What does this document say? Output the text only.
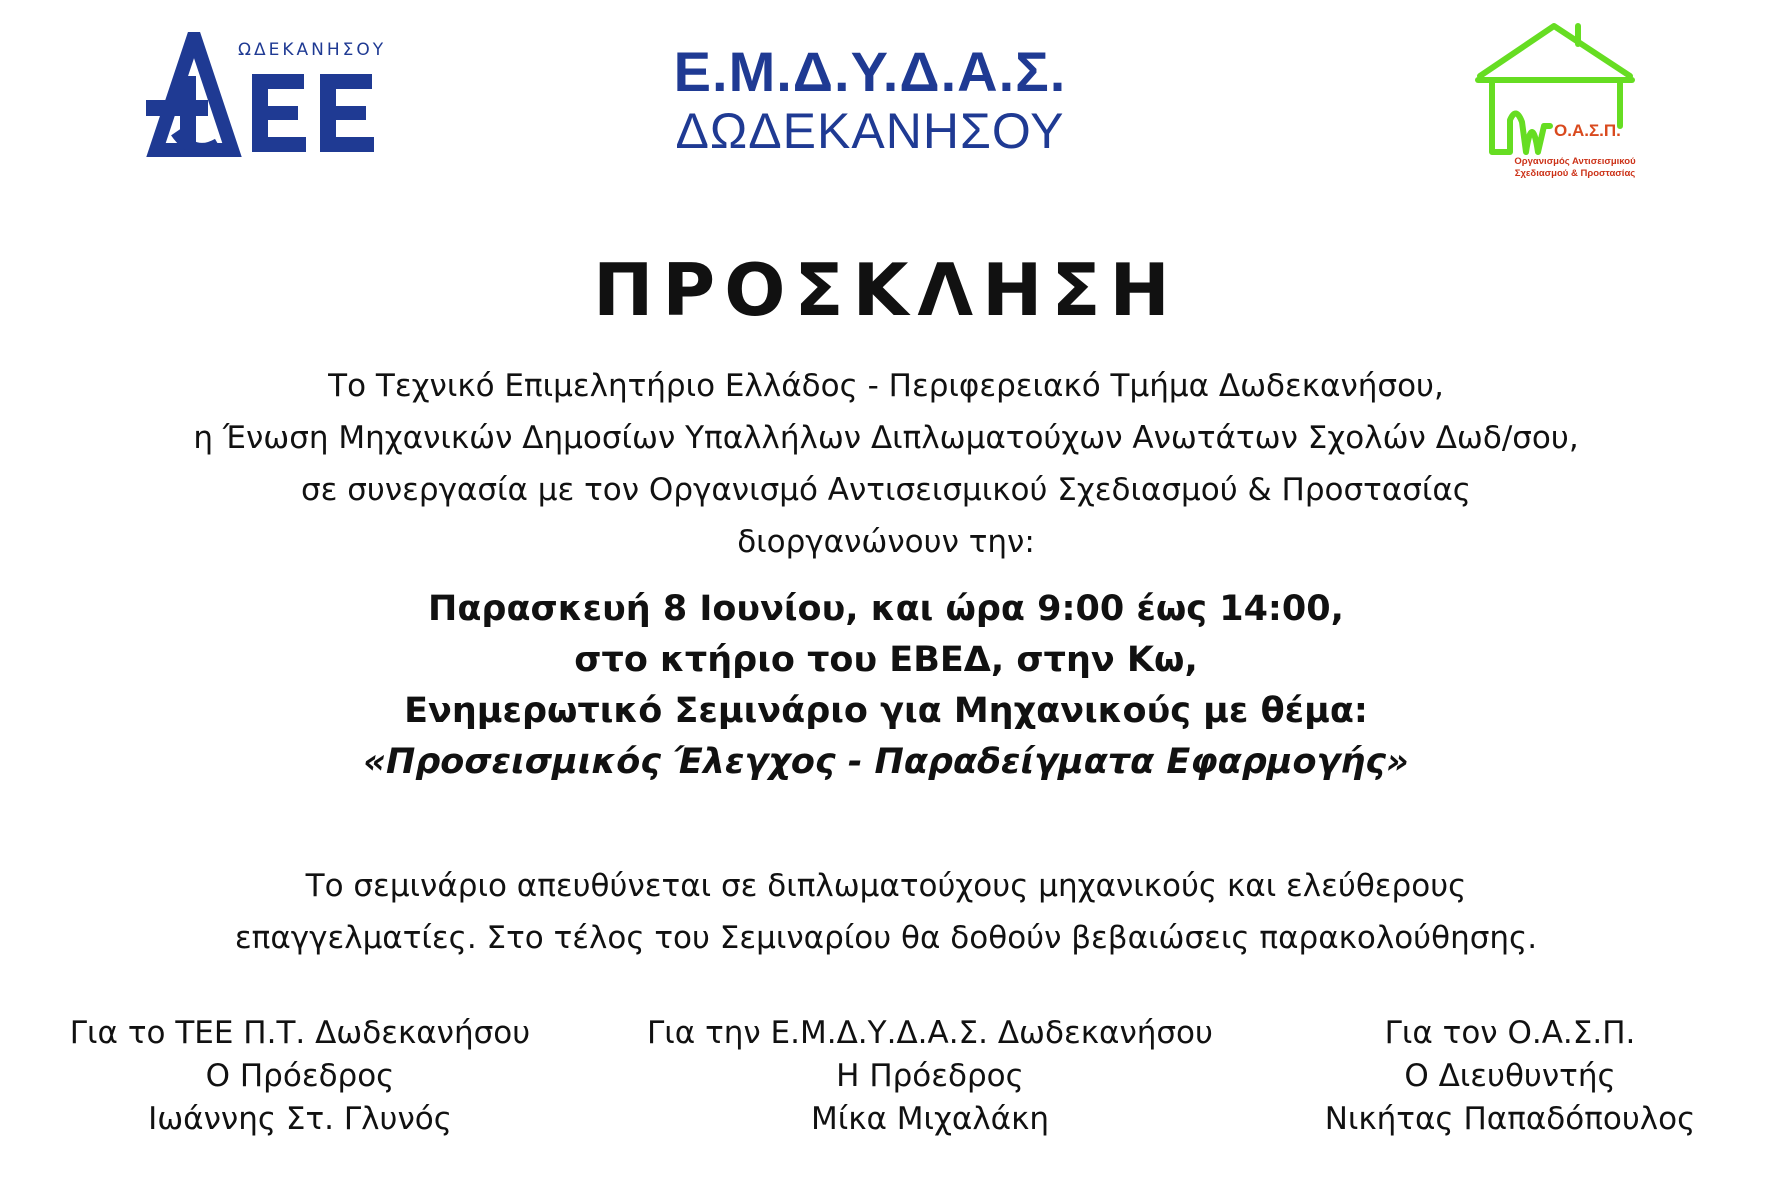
ΩΔΕΚΑΝΗΣΟΥ	Ε.Μ.Δ.Υ.Δ.Α.Σ.
ΔΩΔΕΚΑΝΗΣΟΥ	Ο.Α.Σ.Π.
Οργανισμός Αντισεισμικού
Σχεδιασμού & Προστασίας
ΠΡΟΣΚΛΗΣΗ
Το Τεχνικό Επιμελητήριο Ελλάδος - Περιφερειακό Τμήμα Δωδεκανήσου,
η Ένωση Μηχανικών Δημοσίων Υπαλλήλων Διπλωματούχων Ανωτάτων Σχολών Δωδ/σου,
σε συνεργασία με τον Οργανισμό Αντισεισμικού Σχεδιασμού & Προστασίας
διοργανώνουν την:
Παρασκευή 8 Ιουνίου, και ώρα 9:00 έως 14:00,
στο κτήριο του ΕΒΕΔ, στην Κω,
Ενημερωτικό Σεμινάριο για Μηχανικούς με θέμα:
«Προσεισμικός Έλεγχος - Παραδείγματα Εφαρμογής»
Το σεμινάριο απευθύνεται σε διπλωματούχους μηχανικούς και ελεύθερους
επαγγελματίες. Στο τέλος του Σεμιναρίου θα δοθούν βεβαιώσεις παρακολούθησης.
Για το ΤΕΕ Π.Τ. Δωδεκανήσου
Ο Πρόεδρος
Ιωάννης Στ. Γλυνός
Για την Ε.Μ.Δ.Υ.Δ.Α.Σ. Δωδεκανήσου
Η Πρόεδρος
Μίκα Μιχαλάκη
Για τον Ο.Α.Σ.Π.
Ο Διευθυντής
Νικήτας Παπαδόπουλος
